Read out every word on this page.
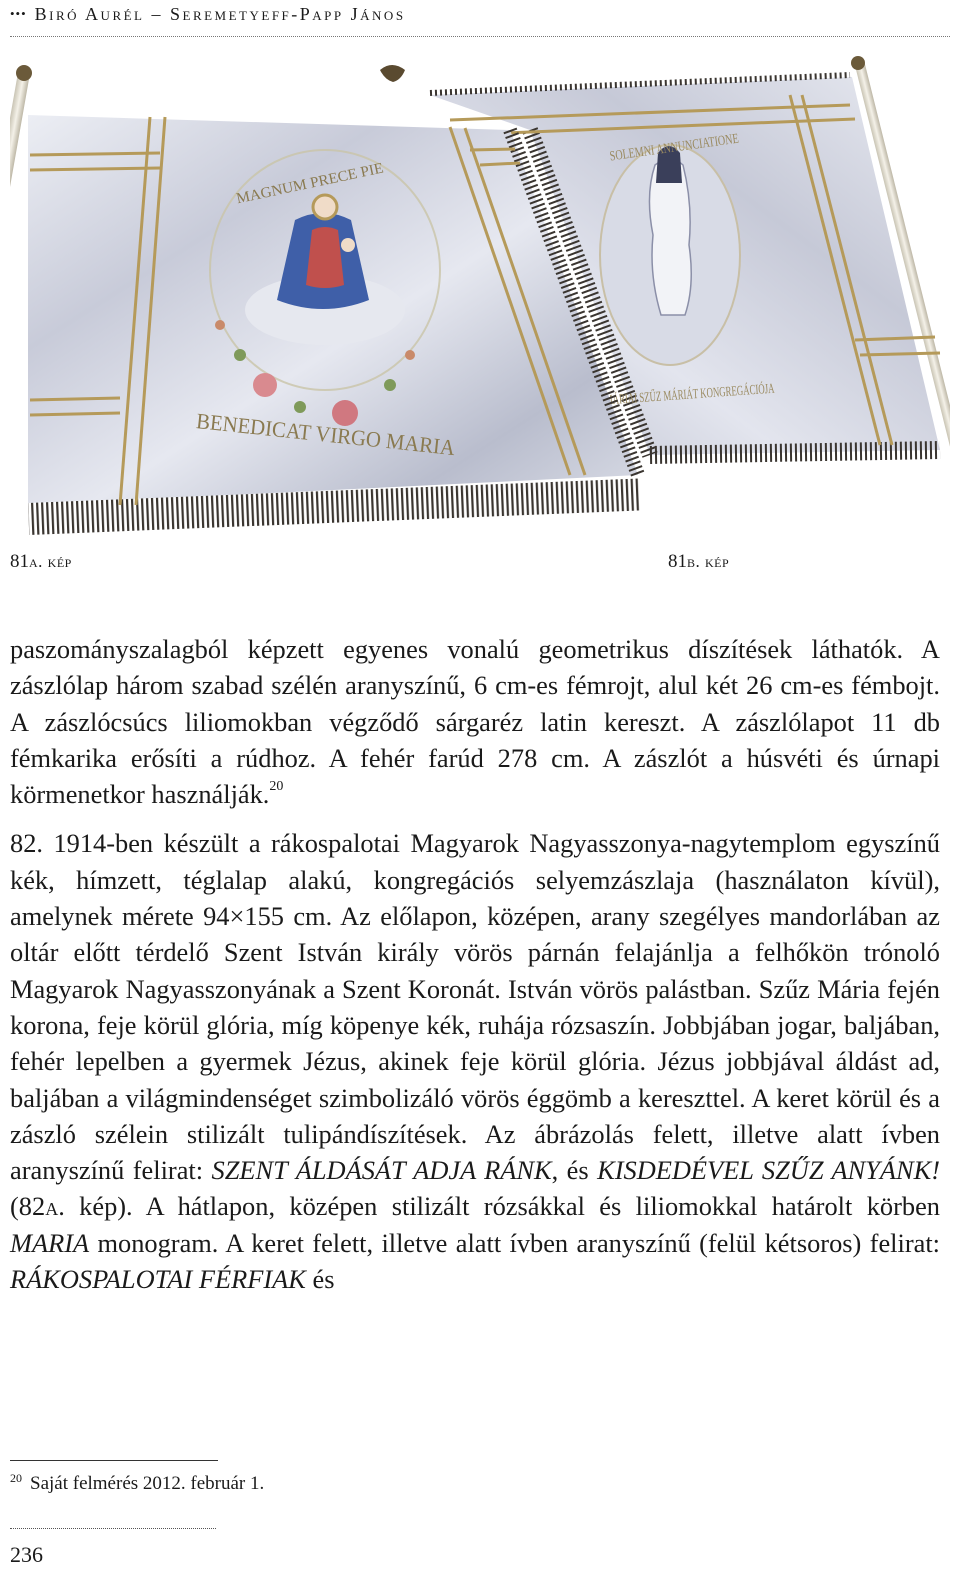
••• Biró Aurél – Seremetyeff-Papp János
SOLEMNI ANNUNCIATIONE
MÁRIAI SZŰZ MÁRIÁT KONGREGÁCIÓJA
MAGNUM PRECE PIE
BENEDICAT VIRGO MARIA
81a. kép	81b. kép

paszományszalagból képzett egyenes vonalú geometrikus díszítések láthatók. A zászlólap három szabad szélén aranyszínű, 6 cm-es fémrojt, alul két 26 cm-es fémbojt. A zászlócsúcs liliomokban végződő sárgaréz latin kereszt. A zászlólapot 11 db fémkarika erősíti a rúdhoz. A fehér farúd 278 cm. A zászlót a húsvéti és úrnapi körmenetkor használják.$^{20}$

82. 1914-ben készült a rákospalotai Magyarok Nagyasszonya-nagytemplom egyszínű kék, hímzett, téglalap alakú, kongregációs selyemzászlaja (használaton kívül), amelynek mérete 94×155 cm. Az előlapon, középen, arany szegélyes mandorlában az oltár előtt térdelő Szent István király vörös párnán felajánlja a felhőkön trónoló Magyarok Nagyasszonyának a Szent Koronát. István vörös palástban. Szűz Mária fején korona, feje körül glória, míg köpenye kék, ruhája rózsaszín. Jobbjában jogar, baljában, fehér lepelben a gyermek Jézus, akinek feje körül glória. Jézus jobbjával áldást ad, baljában a világmindenséget szimbolizáló vörös éggömb a kereszttel. A keret körül és a zászló szélein stilizált tulipándíszítések. Az ábrázolás felett, illetve alatt ívben aranyszínű felirat: SZENT ÁLDÁSÁT ADJA RÁNK, és KISDEDÉVEL SZŰZ ANYÁNK! (82a. kép). A hátlapon, középen stilizált rózsákkal és liliomokkal határolt körben MARIA monogram. A keret felett, illetve alatt ívben aranyszínű (felül kétsoros) felirat: RÁKOSPALOTAI FÉRFIAK és

$^{20}$ Saját felmérés 2012. február 1.
236
